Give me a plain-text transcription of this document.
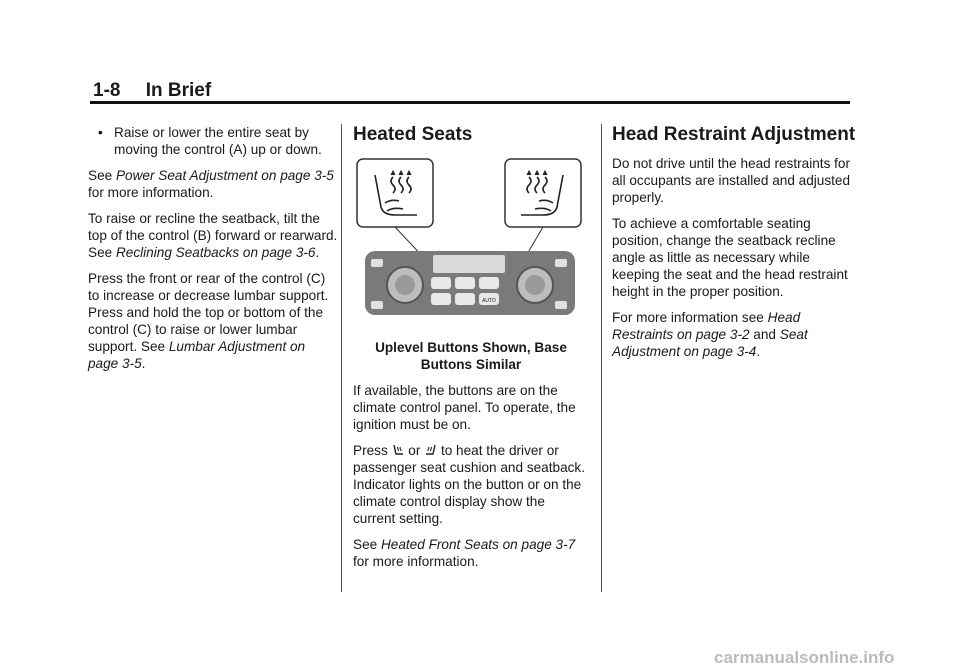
1-8 In Brief
• Raise or lower the entire seat by moving the control (A) up or down.

See Power Seat Adjustment on page 3-5 for more information.

To raise or recline the seatback, tilt the top of the control (B) forward or rearward. See Reclining Seatbacks on page 3-6.

Press the front or rear of the control (C) to increase or decrease lumbar support. Press and hold the top or bottom of the control (C) to raise or lower lumbar support. See Lumbar Adjustment on page 3-5.

Heated Seats
AUTO
Uplevel Buttons Shown, Base Buttons Similar

If available, the buttons are on the climate control panel. To operate, the ignition must be on.

Press  or  to heat the driver or passenger seat cushion and seatback. Indicator lights on the button or on the climate control display show the current setting.

See Heated Front Seats on page 3-7 for more information.

Head Restraint Adjustment

Do not drive until the head restraints for all occupants are installed and adjusted properly.

To achieve a comfortable seating position, change the seatback recline angle as little as necessary while keeping the seat and the head restraint height in the proper position.

For more information see Head Restraints on page 3-2 and Seat Adjustment on page 3-4.

carmanualsonline.info
